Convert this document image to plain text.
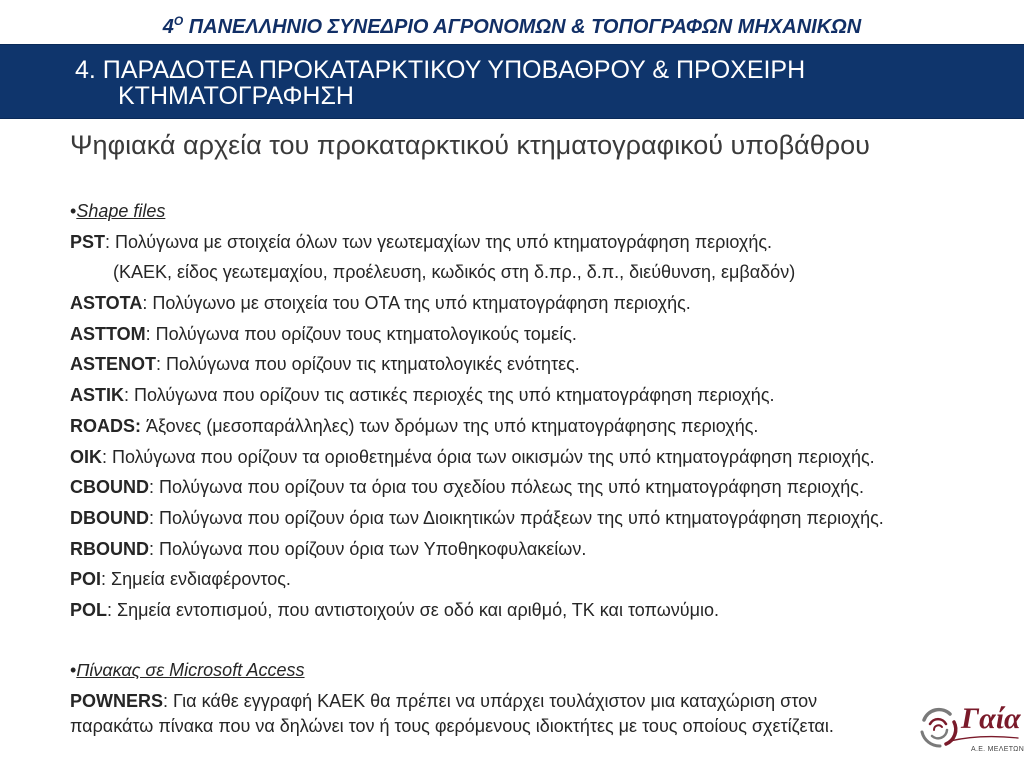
4Ο ΠΑΝΕΛΛΗΝΙΟ ΣΥΝΕΔΡΙΟ ΑΓΡΟΝΟΜΩΝ & ΤΟΠΟΓΡΑΦΩΝ ΜΗΧΑΝΙΚΩΝ
4. ΠΑΡΑΔΟΤΕΑ ΠΡΟΚΑΤΑΡΚΤΙΚΟΥ ΥΠΟΒΑΘΡΟΥ & ΠΡΟΧΕΙΡΗ
ΚΤΗΜΑΤΟΓΡΑΦΗΣΗ
Ψηφιακά αρχεία του προκαταρκτικού κτηματογραφικού υποβάθρου
•Shape files
PST: Πολύγωνα με στοιχεία όλων των γεωτεμαχίων της υπό κτηματογράφηση περιοχής.
(ΚΑΕΚ, είδος γεωτεμαχίου, προέλευση, κωδικός στη δ.πρ., δ.π., διεύθυνση, εμβαδόν)
ASTOTA: Πολύγωνο με στοιχεία του ΟΤΑ της υπό κτηματογράφηση περιοχής.
ASTTOM: Πολύγωνα που ορίζουν τους κτηματολογικούς τομείς.
ASTENOT: Πολύγωνα που ορίζουν τις κτηματολογικές ενότητες.
ASTIK: Πολύγωνα που ορίζουν τις αστικές περιοχές της υπό κτηματογράφηση περιοχής.
ROADS: Άξονες (μεσοπαράλληλες) των δρόμων της υπό κτηματογράφησης περιοχής.
OIK: Πολύγωνα που ορίζουν τα οριοθετημένα όρια των οικισμών της υπό κτηματογράφηση περιοχής.
CBOUND: Πολύγωνα που ορίζουν τα όρια του σχεδίου πόλεως της υπό κτηματογράφηση περιοχής.
DBOUND: Πολύγωνα που ορίζουν όρια των Διοικητικών πράξεων της υπό κτηματογράφηση περιοχής.
RBOUND: Πολύγωνα που ορίζουν όρια των Υποθηκοφυλακείων.
POI: Σημεία ενδιαφέροντος.
POL: Σημεία εντοπισμού, που αντιστοιχούν σε οδό και αριθμό, ΤΚ και τοπωνύμιο.
•Πίνακας σε Microsoft Access
POWNERS: Για κάθε εγγραφή ΚΑΕΚ θα πρέπει να υπάρχει τουλάχιστον μια καταχώριση στον
παρακάτω πίνακα που να δηλώνει τον ή τους φερόμενους ιδιοκτήτες με τους οποίους σχετίζεται.	Γαία
Α.Ε. ΜΕΛΕΤΩΝ
